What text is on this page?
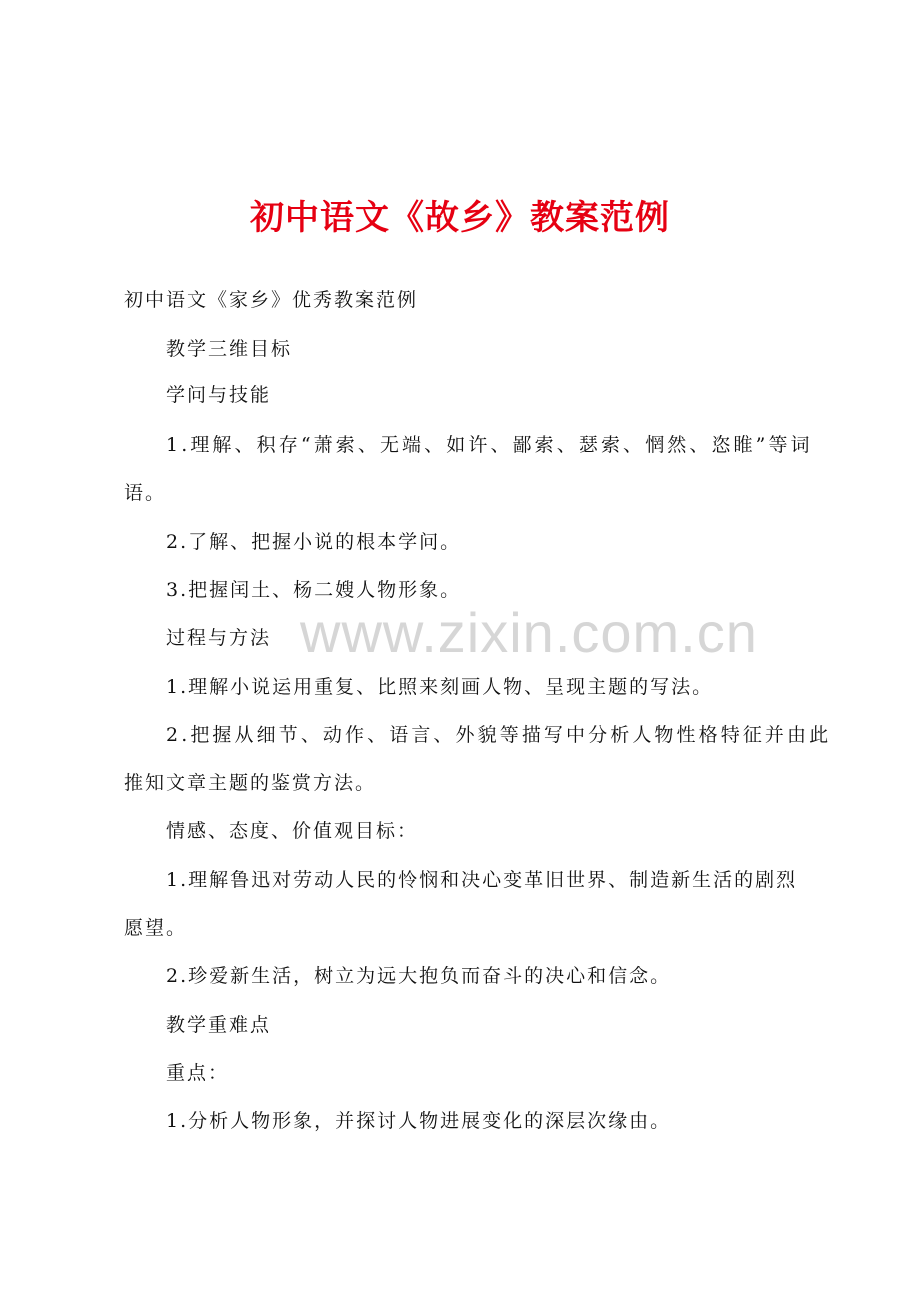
初中语文《故乡》教案范例
www.zixin.com.cn
初中语文《家乡》优秀教案范例
教学三维目标
学问与技能
1.理解、积存“萧索、无端、如许、鄙索、瑟索、惘然、恣睢”等词
语。
2.了解、把握小说的根本学问。
3.把握闰土、杨二嫂人物形象。
过程与方法
1.理解小说运用重复、比照来刻画人物、呈现主题的写法。
2.把握从细节、动作、语言、外貌等描写中分析人物性格特征并由此
推知文章主题的鉴赏方法。
情感、态度、价值观目标：
1.理解鲁迅对劳动人民的怜悯和决心变革旧世界、制造新生活的剧烈
愿望。
2.珍爱新生活，树立为远大抱负而奋斗的决心和信念。
教学重难点
重点：
1.分析人物形象，并探讨人物进展变化的深层次缘由。
